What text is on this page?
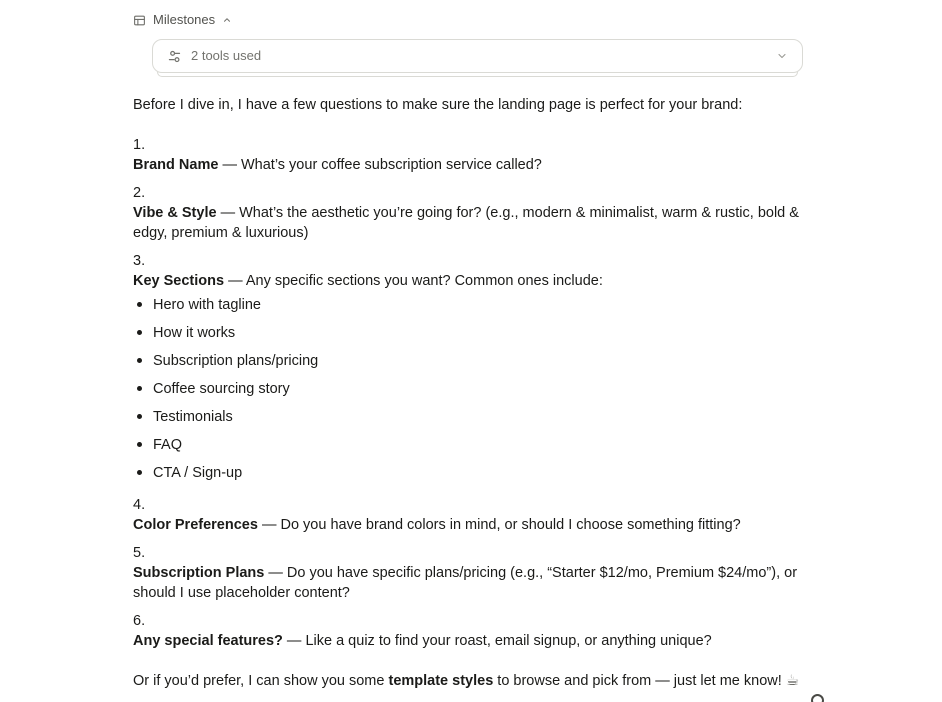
Milestones
2 tools used

Before I dive in, I have a few questions to make sure the landing page is perfect for your brand:

1.
Brand Name — What’s your coffee subscription service called?
2.
Vibe & Style — What’s the aesthetic you’re going for? (e.g., modern & minimalist, warm & rustic, bold & edgy, premium & luxurious)
3.
Key Sections — Any specific sections you want? Common ones include:
Hero with tagline
How it works
Subscription plans/pricing
Coffee sourcing story
Testimonials
FAQ
CTA / Sign-up
4.
Color Preferences — Do you have brand colors in mind, or should I choose something fitting?
5.
Subscription Plans — Do you have specific plans/pricing (e.g., “Starter $12/mo, Premium $24/mo”), or should I use placeholder content?
6.
Any special features? — Like a quiz to find your roast, email signup, or anything unique?

Or if you’d prefer, I can show you some template styles to browse and pick from — just let me know! ☕
